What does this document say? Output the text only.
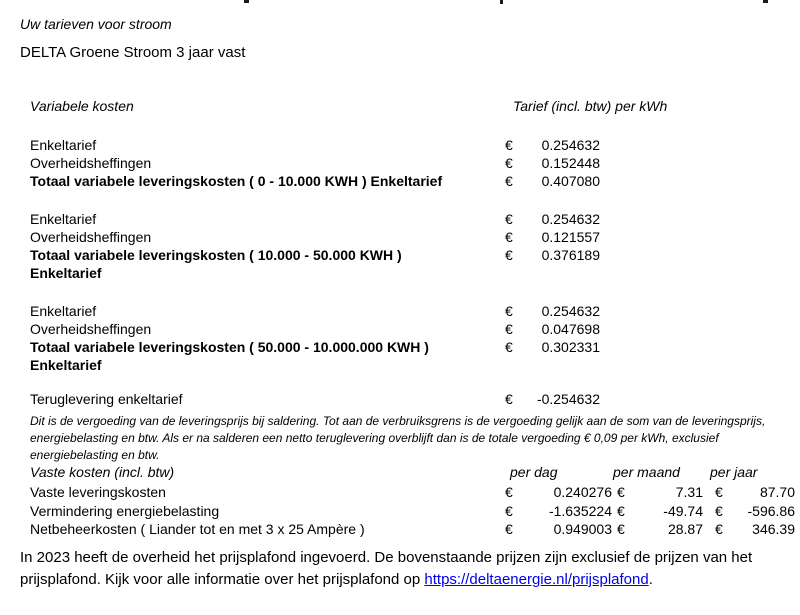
Uw tarieven voor stroom
DELTA Groene Stroom 3 jaar vast
Variabele kosten	Tarief (incl. btw) per kWh
Enkeltarief	€	0.254632
Overheidsheffingen	€	0.152448
Totaal variabele leveringskosten ( 0 - 10.000 KWH ) Enkeltarief	€	0.407080
Enkeltarief	€	0.254632
Overheidsheffingen	€	0.121557
Totaal variabele leveringskosten ( 10.000 - 50.000 KWH )	€	0.376189
Enkeltarief
Enkeltarief	€	0.254632
Overheidsheffingen	€	0.047698
Totaal variabele leveringskosten ( 50.000 - 10.000.000 KWH )	€	0.302331
Enkeltarief
Teruglevering enkeltarief	€	-0.254632
Dit is de vergoeding van de leveringsprijs bij saldering. Tot aan de verbruiksgrens is de vergoeding gelijk aan de som van de leveringsprijs,
energiebelasting en btw. Als er na salderen een netto teruglevering overblijft dan is de totale vergoeding € 0,09 per kWh, exclusief
energiebelasting en btw.
Vaste kosten (incl. btw)	per dag	per maand per jaar
Vaste leveringskosten	€	0.240276 €	7.31 €	87.70
Vermindering energiebelasting	€	-1.635224 €	-49.74 €	-596.86
Netbeheerkosten ( Liander tot en met 3 x 25 Ampère )	€	0.949003 €	28.87 €	346.39
In 2023 heeft de overheid het prijsplafond ingevoerd. De bovenstaande prijzen zijn exclusief de prijzen van het
prijsplafond. Kijk voor alle informatie over het prijsplafond op https://deltaenergie.nl/prijsplafond.
